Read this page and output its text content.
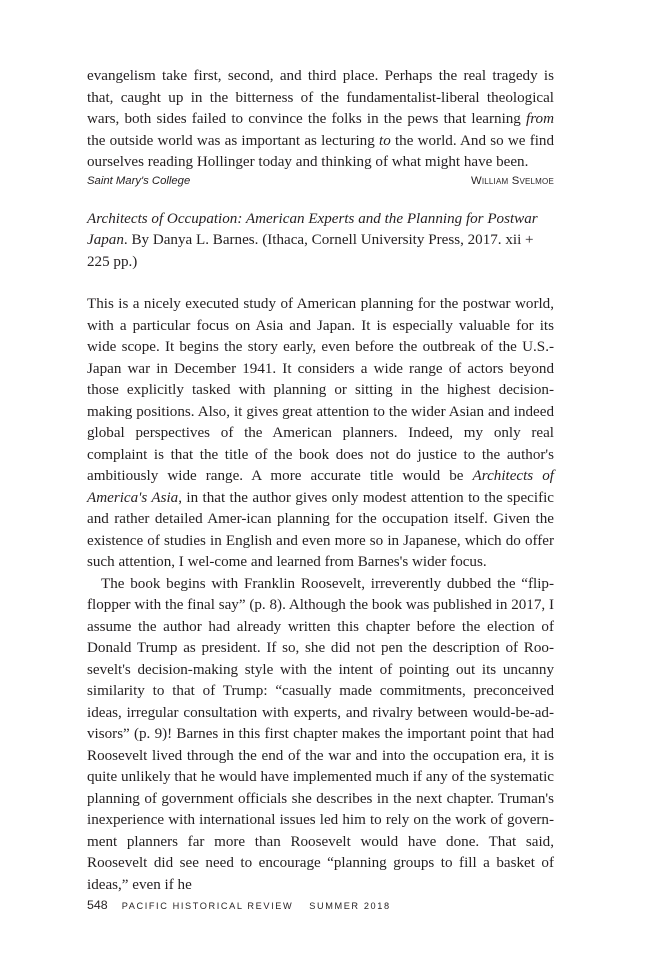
evangelism take first, second, and third place. Perhaps the real tragedy is that, caught up in the bitterness of the fundamentalist-liberal theological wars, both sides failed to convince the folks in the pews that learning from the outside world was as important as lecturing to the world. And so we find ourselves reading Hollinger today and thinking of what might have been.

Saint Mary's College	William Svelmoe

Architects of Occupation: American Experts and the Planning for Postwar Japan. By Danya L. Barnes. (Ithaca, Cornell University Press, 2017. xii + 225 pp.)

This is a nicely executed study of American planning for the postwar world, with a particular focus on Asia and Japan. It is especially valuable for its wide scope. It begins the story early, even before the outbreak of the U.S.-Japan war in December 1941. It considers a wide range of actors beyond those explicitly tasked with planning or sitting in the highest decision-making positions. Also, it gives great attention to the wider Asian and indeed global perspectives of the American planners. Indeed, my only real complaint is that the title of the book does not do justice to the author's ambitiously wide range. A more accurate title would be Architects of America's Asia, in that the author gives only modest attention to the specific and rather detailed Amer-ican planning for the occupation itself. Given the existence of studies in English and even more so in Japanese, which do offer such attention, I wel-come and learned from Barnes's wider focus.

The book begins with Franklin Roosevelt, irreverently dubbed the “flip-flopper with the final say” (p. 8). Although the book was published in 2017, I assume the author had already written this chapter before the election of Donald Trump as president. If so, she did not pen the description of Roo-sevelt's decision-making style with the intent of pointing out its uncanny similarity to that of Trump: “casually made commitments, preconceived ideas, irregular consultation with experts, and rivalry between would-be-ad-visors” (p. 9)! Barnes in this first chapter makes the important point that had Roosevelt lived through the end of the war and into the occupation era, it is quite unlikely that he would have implemented much if any of the systematic planning of government officials she describes in the next chapter. Truman's inexperience with international issues led him to rely on the work of govern-ment planners far more than Roosevelt would have done. That said, Roosevelt did see need to encourage “planning groups to fill a basket of ideas,” even if he

548 PACIFIC HISTORICAL REVIEW SUMMER 2018
